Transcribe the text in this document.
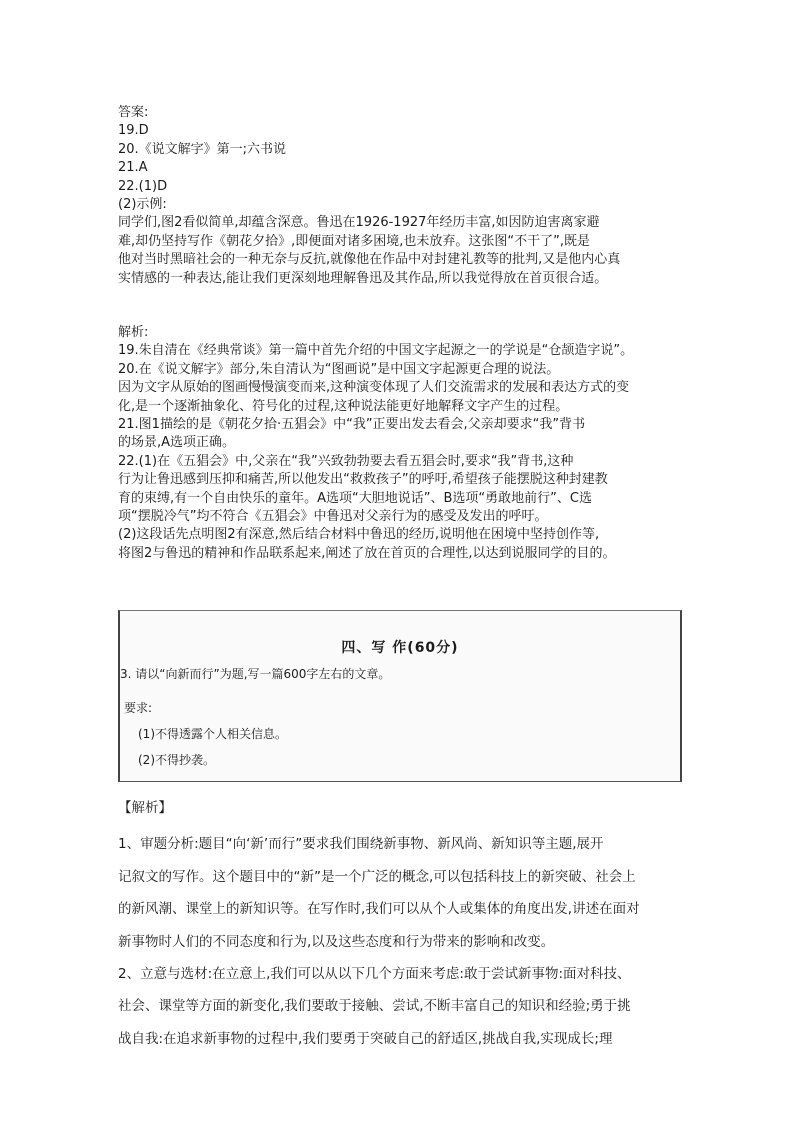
答案:
19.D
20.《说文解字》第一;六书说
21.A
22.(1)D
(2)示例:
同学们,图2看似简单,却蕴含深意。鲁迅在1926-1927年经历丰富,如因防迫害离家避
难,却仍坚持写作《朝花夕拾》,即便面对诸多困境,也未放弃。这张图“不干了”,既是
他对当时黑暗社会的一种无奈与反抗,就像他在作品中对封建礼教等的批判,又是他内心真
实情感的一种表达,能让我们更深刻地理解鲁迅及其作品,所以我觉得放在首页很合适。
解析:
19.朱自清在《经典常谈》第一篇中首先介绍的中国文字起源之一的学说是“仓颉造字说”。
20.在《说文解字》部分,朱自清认为“图画说”是中国文字起源更合理的说法。
因为文字从原始的图画慢慢演变而来,这种演变体现了人们交流需求的发展和表达方式的变
化,是一个逐渐抽象化、符号化的过程,这种说法能更好地解释文字产生的过程。
21.图1描绘的是《朝花夕拾·五猖会》中“我”正要出发去看会,父亲却要求“我”背书
的场景,A选项正确。
22.(1)在《五猖会》中,父亲在“我”兴致勃勃要去看五猖会时,要求“我”背书,这种
行为让鲁迅感到压抑和痛苦,所以他发出“救救孩子”的呼吁,希望孩子能摆脱这种封建教
育的束缚,有一个自由快乐的童年。A选项“大胆地说话”、B选项“勇敢地前行”、C选
项“摆脱冷气”均不符合《五猖会》中鲁迅对父亲行为的感受及发出的呼吁。
(2)这段话先点明图2有深意,然后结合材料中鲁迅的经历,说明他在困境中坚持创作等,
将图2与鲁迅的精神和作品联系起来,阐述了放在首页的合理性,以达到说服同学的目的。
四、写 作(60分)
3. 请以“向新而行”为题,写一篇600字左右的文章。
要求:
(1)不得透露个人相关信息。
(2)不得抄袭。
【解析】
1、审题分析:题目“向‘新’而行”要求我们围绕新事物、新风尚、新知识等主题,展开
记叙文的写作。这个题目中的“新”是一个广泛的概念,可以包括科技上的新突破、社会上
的新风潮、课堂上的新知识等。在写作时,我们可以从个人或集体的角度出发,讲述在面对
新事物时人们的不同态度和行为,以及这些态度和行为带来的影响和改变。
2、立意与选材:在立意上,我们可以从以下几个方面来考虑:敢于尝试新事物:面对科技、
社会、课堂等方面的新变化,我们要敢于接触、尝试,不断丰富自己的知识和经验;勇于挑
战自我:在追求新事物的过程中,我们要勇于突破自己的舒适区,挑战自我,实现成长;理
